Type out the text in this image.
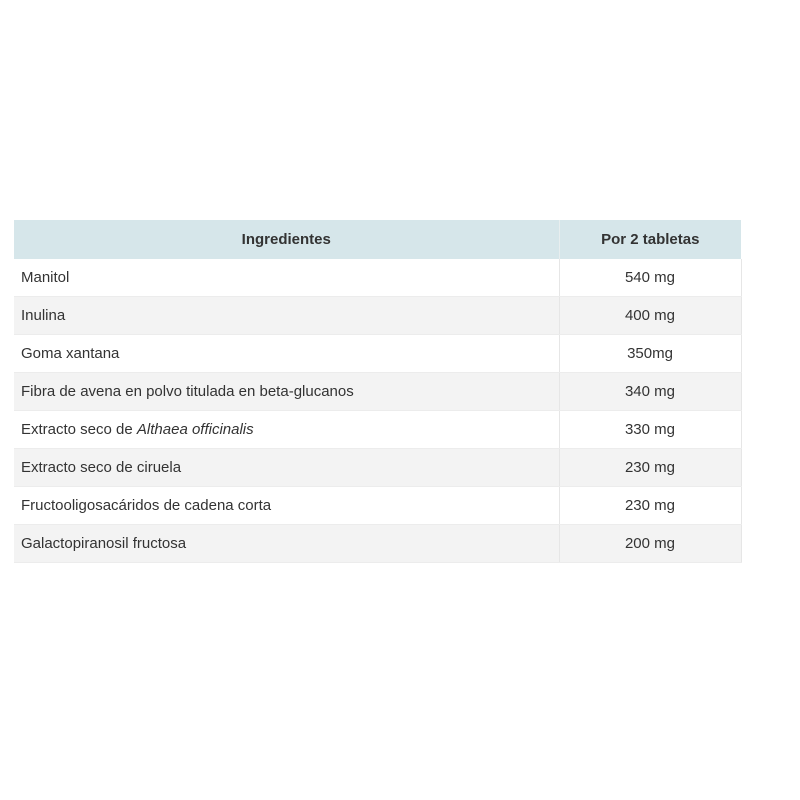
Ingredientes	Por 2 tabletas
Manitol	540 mg
Inulina	400 mg
Goma xantana	350mg
Fibra de avena en polvo titulada en beta-glucanos	340 mg
Extracto seco de Althaea officinalis	330 mg
Extracto seco de ciruela	230 mg
Fructooligosacáridos de cadena corta	230 mg
Galactopiranosil fructosa	200 mg
